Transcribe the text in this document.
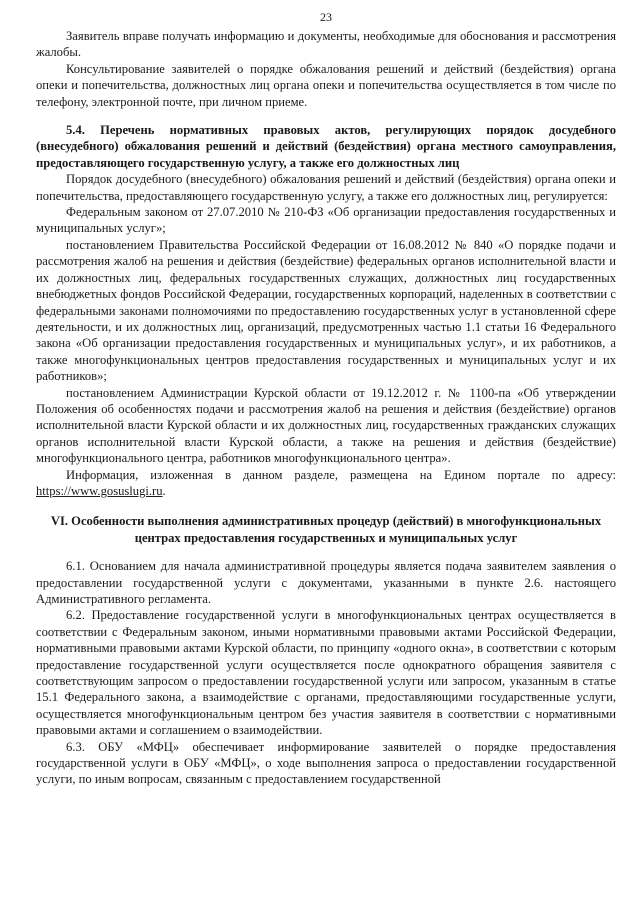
23

Заявитель вправе получать информацию и документы, необходимые для обоснования и рассмотрения жалобы.

Консультирование заявителей о порядке обжалования решений и действий (бездействия) органа опеки и попечительства, должностных лиц органа опеки и попечительства осуществляется в том числе по телефону, электронной почте, при личном приеме.

5.4. Перечень нормативных правовых актов, регулирующих порядок досудебного (внесудебного) обжалования решений и действий (бездействия) органа местного самоуправления, предоставляющего государственную услугу, а также его должностных лиц

Порядок досудебного (внесудебного) обжалования решений и действий (бездействия) органа опеки и попечительства, предоставляющего государственную услугу, а также его должностных лиц, регулируется:

Федеральным законом от 27.07.2010 № 210-ФЗ «Об организации предоставления государственных и муниципальных услуг»;

постановлением Правительства Российской Федерации от 16.08.2012 № 840 «О порядке подачи и рассмотрения жалоб на решения и действия (бездействие) федеральных органов исполнительной власти и их должностных лиц, федеральных государственных служащих, должностных лиц государственных внебюджетных фондов Российской Федерации, государственных корпораций, наделенных в соответствии с федеральными законами полномочиями по предоставлению государственных услуг в установленной сфере деятельности, и их должностных лиц, организаций, предусмотренных частью 1.1 статьи 16 Федерального закона «Об организации предоставления государственных и муниципальных услуг», и их работников, а также многофункциональных центров предоставления государственных и муниципальных услуг и их работников»;

постановлением Администрации Курской области от 19.12.2012 г. № 1100-па «Об утверждении Положения об особенностях подачи и рассмотрения жалоб на решения и действия (бездействие) органов исполнительной власти Курской области и их должностных лиц, государственных гражданских служащих органов исполнительной власти Курской области, а также на решения и действия (бездействие) многофункционального центра, работников многофункционального центра».

Информация, изложенная в данном разделе, размещена на Едином портале по адресу: https://www.gosuslugi.ru.

VI. Особенности выполнения административных процедур (действий) в многофункциональных центрах предоставления государственных и муниципальных услуг

6.1. Основанием для начала административной процедуры является подача заявителем заявления о предоставлении государственной услуги с документами, указанными в пункте 2.6. настоящего Административного регламента.

6.2. Предоставление государственной услуги в многофункциональных центрах осуществляется в соответствии с Федеральным законом, иными нормативными правовыми актами Российской Федерации, нормативными правовыми актами Курской области, по принципу «одного окна», в соответствии с которым предоставление государственной услуги осуществляется после однократного обращения заявителя с соответствующим запросом о предоставлении государственной услуги или запросом, указанным в статье 15.1 Федерального закона, а взаимодействие с органами, предоставляющими государственные услуги, осуществляется многофункциональным центром без участия заявителя в соответствии с нормативными правовыми актами и соглашением о взаимодействии.

6.3. ОБУ «МФЦ» обеспечивает информирование заявителей о порядке предоставления государственной услуги в ОБУ «МФЦ», о ходе выполнения запроса о предоставлении государственной услуги, по иным вопросам, связанным с предоставлением государственной
